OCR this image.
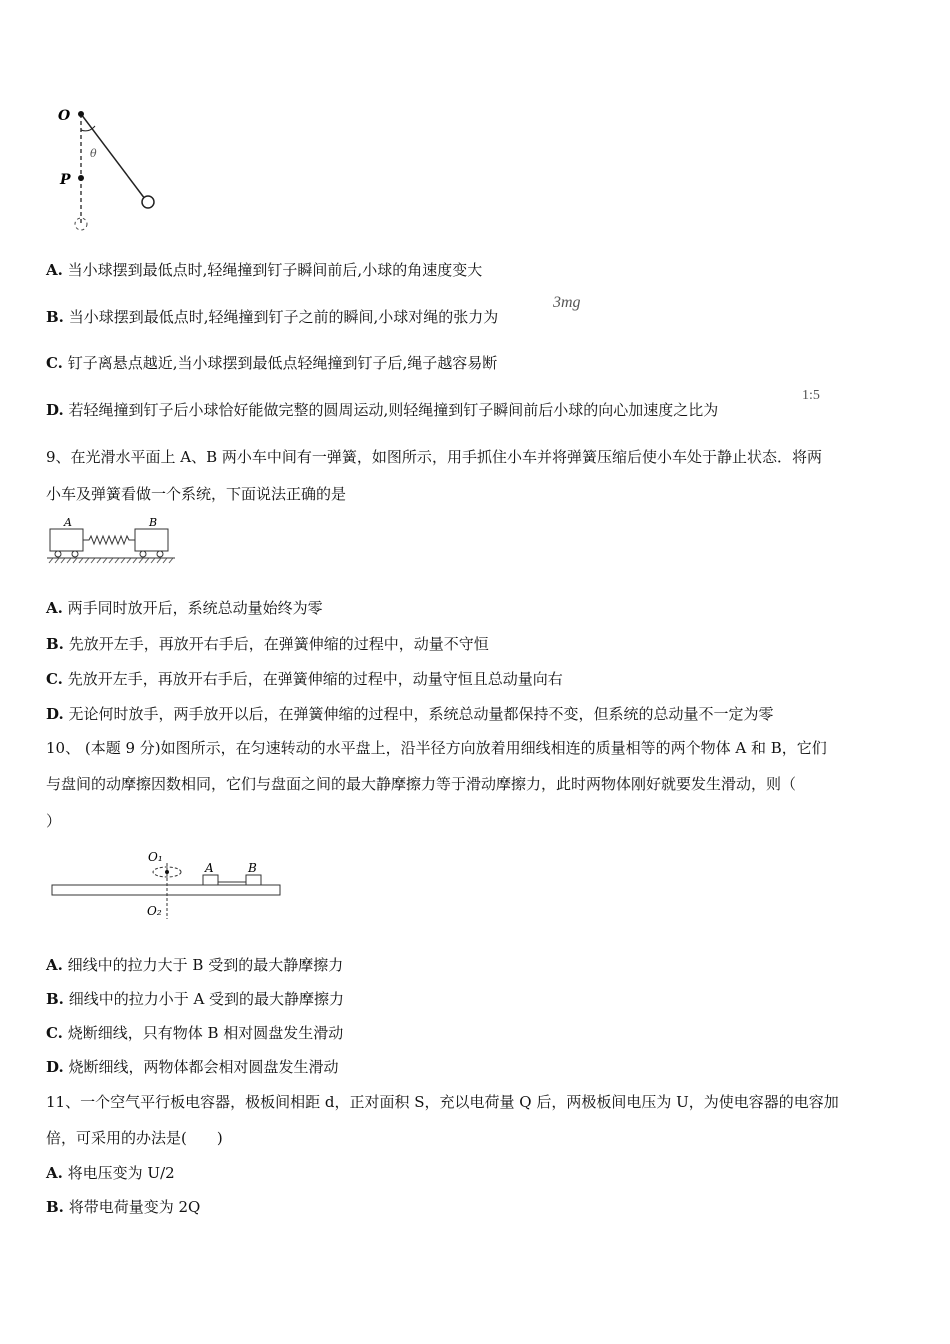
O
P
θ
A. 当小球摆到最低点时,轻绳撞到钉子瞬间前后,小球的角速度变大
B. 当小球摆到最低点时,轻绳撞到钉子之前的瞬间,小球对绳的张力为
3mg
C. 钉子离悬点越近,当小球摆到最低点轻绳撞到钉子后,绳子越容易断
D. 若轻绳撞到钉子后小球恰好能做完整的圆周运动,则轻绳撞到钉子瞬间前后小球的向心加速度之比为
1:5
9、在光滑水平面上 A、B 两小车中间有一弹簧，如图所示，用手抓住小车并将弹簧压缩后使小车处于静止状态．将两
小车及弹簧看做一个系统，下面说法正确的是
A	B
A. 两手同时放开后，系统总动量始终为零
B. 先放开左手，再放开右手后，在弹簧伸缩的过程中，动量不守恒
C. 先放开左手，再放开右手后，在弹簧伸缩的过程中，动量守恒且总动量向右
D. 无论何时放手，两手放开以后，在弹簧伸缩的过程中，系统总动量都保持不变，但系统的总动量不一定为零
10、 (本题 9 分)如图所示，在匀速转动的水平盘上，沿半径方向放着用细线相连的质量相等的两个物体 A 和 B，它们
与盘间的动摩擦因数相同，它们与盘面之间的最大静摩擦力等于滑动摩擦力，此时两物体刚好就要发生滑动，则（
）
O₁
A	B
O₂
A. 细线中的拉力大于 B 受到的最大静摩擦力
B. 细线中的拉力小于 A 受到的最大静摩擦力
C. 烧断细线，只有物体 B 相对圆盘发生滑动
D. 烧断细线，两物体都会相对圆盘发生滑动
11、一个空气平行板电容器，极板间相距 d，正对面积 S，充以电荷量 Q 后，两极板间电压为 U，为使电容器的电容加
倍，可采用的办法是(　　)
A. 将电压变为 U/2
B. 将带电荷量变为 2Q
